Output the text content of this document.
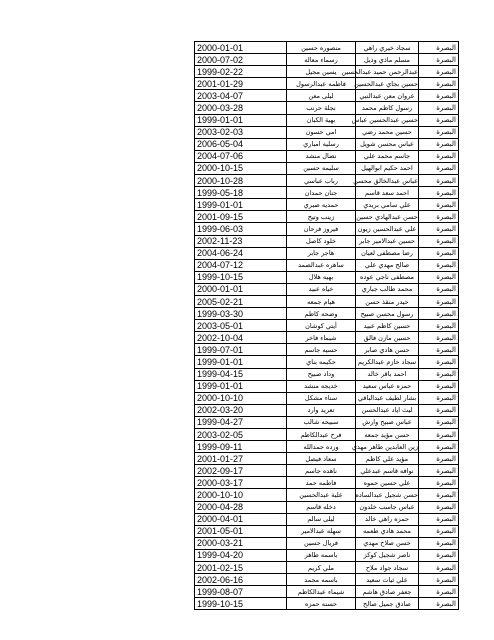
البصرة	سجاد خيري راهي	منصوره حسين	2000-01-01
البصرة	مسلم ماذي وذيل	رسماء معاله	2000-07-02
البصرة	عبدالرحمن حميد عبدالحسين	يسين مجيل	1999-02-22
البصرة	حسين بجاي عبدالحسين	فاطمه عبدالرسول	2001-01-29
البصرة	عروان معن عبدالنبي	ليلى معن	2003-04-07
البصرة	رسول كاظم محمد	نجلة حرنب	2000-03-28
البصرة	حسين عبدالحسين عباس	بهية الكبان	1999-01-01
البصرة	حسين محمد رضي	امي حسون	2003-02-03
البصرة	عباس محسن شويل	رسليه امباري	2006-05-04
البصرة	جاسم محمد علي	نضال منشد	2004-07-06
البصرة	احمد حكيم ابوالهيل	سليمه حسين	2000-10-15
البصرة	عباس عبدالخالق محسن	رباب عباسي	2000-10-28
البصرة	احمد سعد قاسم	جنان حمدان	1999-05-18
البصرة	علي سامي بريدي	حمديه صبري	1999-01-01
البصرة	حسن عبدالهادي حسين	زينب وتيح	2001-09-15
البصرة	علي عبدالحسين زيون	فيروز فرحان	1999-06-03
البصرة	حسين عبدالامير جابر	خلود كاصل	2002-11-23
البصرة	رضا مصطفى لعيان	هاجر جابر	2004-06-24
البصرة	صالح مهدي علي	ساهره عبدالصمد	2004-07-12
البصرة	مصطفى ناجي عوده	بهيه هلال	1999-10-15
البصرة	محمد طالب جباري	خياه عبيد	2000-01-01
البصرة	حيدر منقذ حسن	هيام جمعه	2005-02-21
البصرة	رسول محسن صبيح	وضحه كاظم	1999-03-30
البصرة	حسين كاظم عبيد	أيتي كوشان	2003-05-01
البصرة	حسين مازن فالق	شيماء فاخر	2002-10-04
البصرة	حسن هادي صابر	حسيه جاسم	1999-07-01
البصرة	سجاد حازم عبدالكريم	حكيمه بناي	1999-01-01
البصرة	احمد باقر خالد	وداد صبيح	1999-04-15
البصرة	حمزه عباس سعيد	خديجه منشد	1999-01-01
البصرة	بشار لطيف عبدالباقي	سناء مشكل	2000-10-10
البصرة	ليث اياد عبدالحسن	تعريد وارد	2002-03-20
البصرة	عباس صبيح وارش	سبيحه شالب	1999-04-27
البصرة	حسن مؤيد جمعه	فرح عبدالكاظم	2003-02-05
البصرة	زين العابدين طاهر مهدي	ورده حمدالله	1999-09-11
البصرة	مؤيد علي كاظم	سعاد فيصل	2001-01-27
البصرة	نوافه قاسم عبدعلي	ناهده جاسم	2002-09-17
البصرة	علي حسين حموه	فاطمه حمد	2000-03-17
البصرة	حسن شجيل عبدالساده	علية عبدالحسين	2000-10-10
البصرة	عباس جاسب خلدون	دخله قاسم	2000-04-28
البصرة	حمزه راهي خالد	ليلى سالم	2000-04-01
البصرة	محمد هادي طعمه	سهله عبدالامير	2001-05-01
البصرة	حسن صلاح مهدي	فريال حسين	2000-03-21
البصرة	ناصر شجيل كوكز	باسمه طاهر	1999-04-20
البصرة	سجاد جواد ملاح	ملي كريم	2001-02-15
البصرة	علي ثيات سعيد	باسمه محمد	2002-06-16
البصرة	جعفر صادق هاشم	شيماء عبدالكاظم	1999-08-07
البصرة	صادق جميل صالح	حسنه حمزه	1999-10-15
